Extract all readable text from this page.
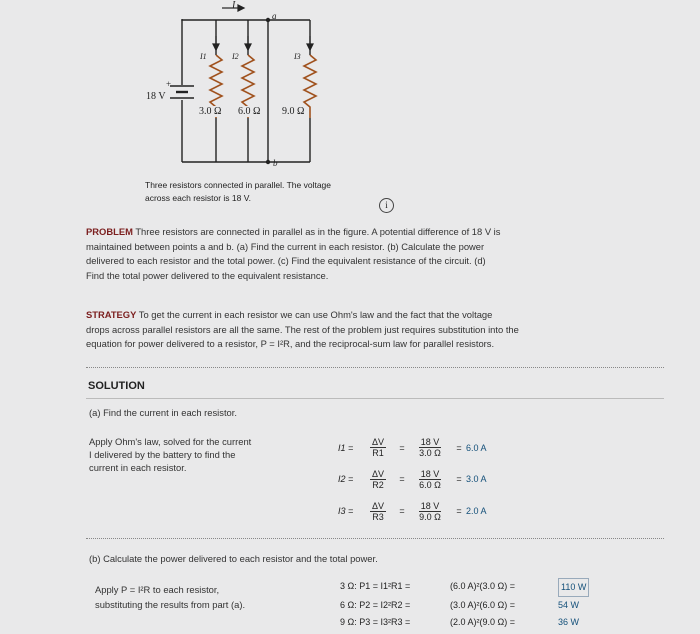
I
a
b
18 V
+
I1	I2	I3
3.0 Ω 6.0 Ω 9.0 Ω
Three resistors connected in parallel. The voltage
across each resistor is 18 V.
i
PROBLEM Three resistors are connected in parallel as in the figure. A potential difference of 18 V is
maintained between points a and b. (a) Find the current in each resistor. (b) Calculate the power
delivered to each resistor and the total power. (c) Find the equivalent resistance of the circuit. (d)
Find the total power delivered to the equivalent resistance.
STRATEGY To get the current in each resistor we can use Ohm's law and the fact that the voltage
drops across parallel resistors are all the same. The rest of the problem just requires substitution into the
equation for power delivered to a resistor, P = I²R, and the reciprocal-sum law for parallel resistors.
SOLUTION
(a) Find the current in each resistor.
Apply Ohm's law, solved for the current
I delivered by the battery to find the
current in each resistor.
$I1 = \frac{\Delta V}{R1} = \frac{18 V}{3.0 \Omega} = 6.0$ A
$I2 = \frac{\Delta V}{R2} = \frac{18 V}{6.0 \Omega} = 3.0$ A
$I3 = \frac{\Delta V}{R3} = \frac{18 V}{9.0 \Omega} = 2.0$ A
(b) Calculate the power delivered to each resistor and the total power.
Apply P = I²R to each resistor,
substituting the results from part (a).
3 Ω: P1 = I1²R1 =	(6.0 A)²(3.0 Ω) =	110 W
6 Ω: P2 = I2²R2 =	(3.0 A)²(6.0 Ω) =	54 W
9 Ω: P3 = I3²R3 =	(2.0 A)²(9.0 Ω) =	36 W
